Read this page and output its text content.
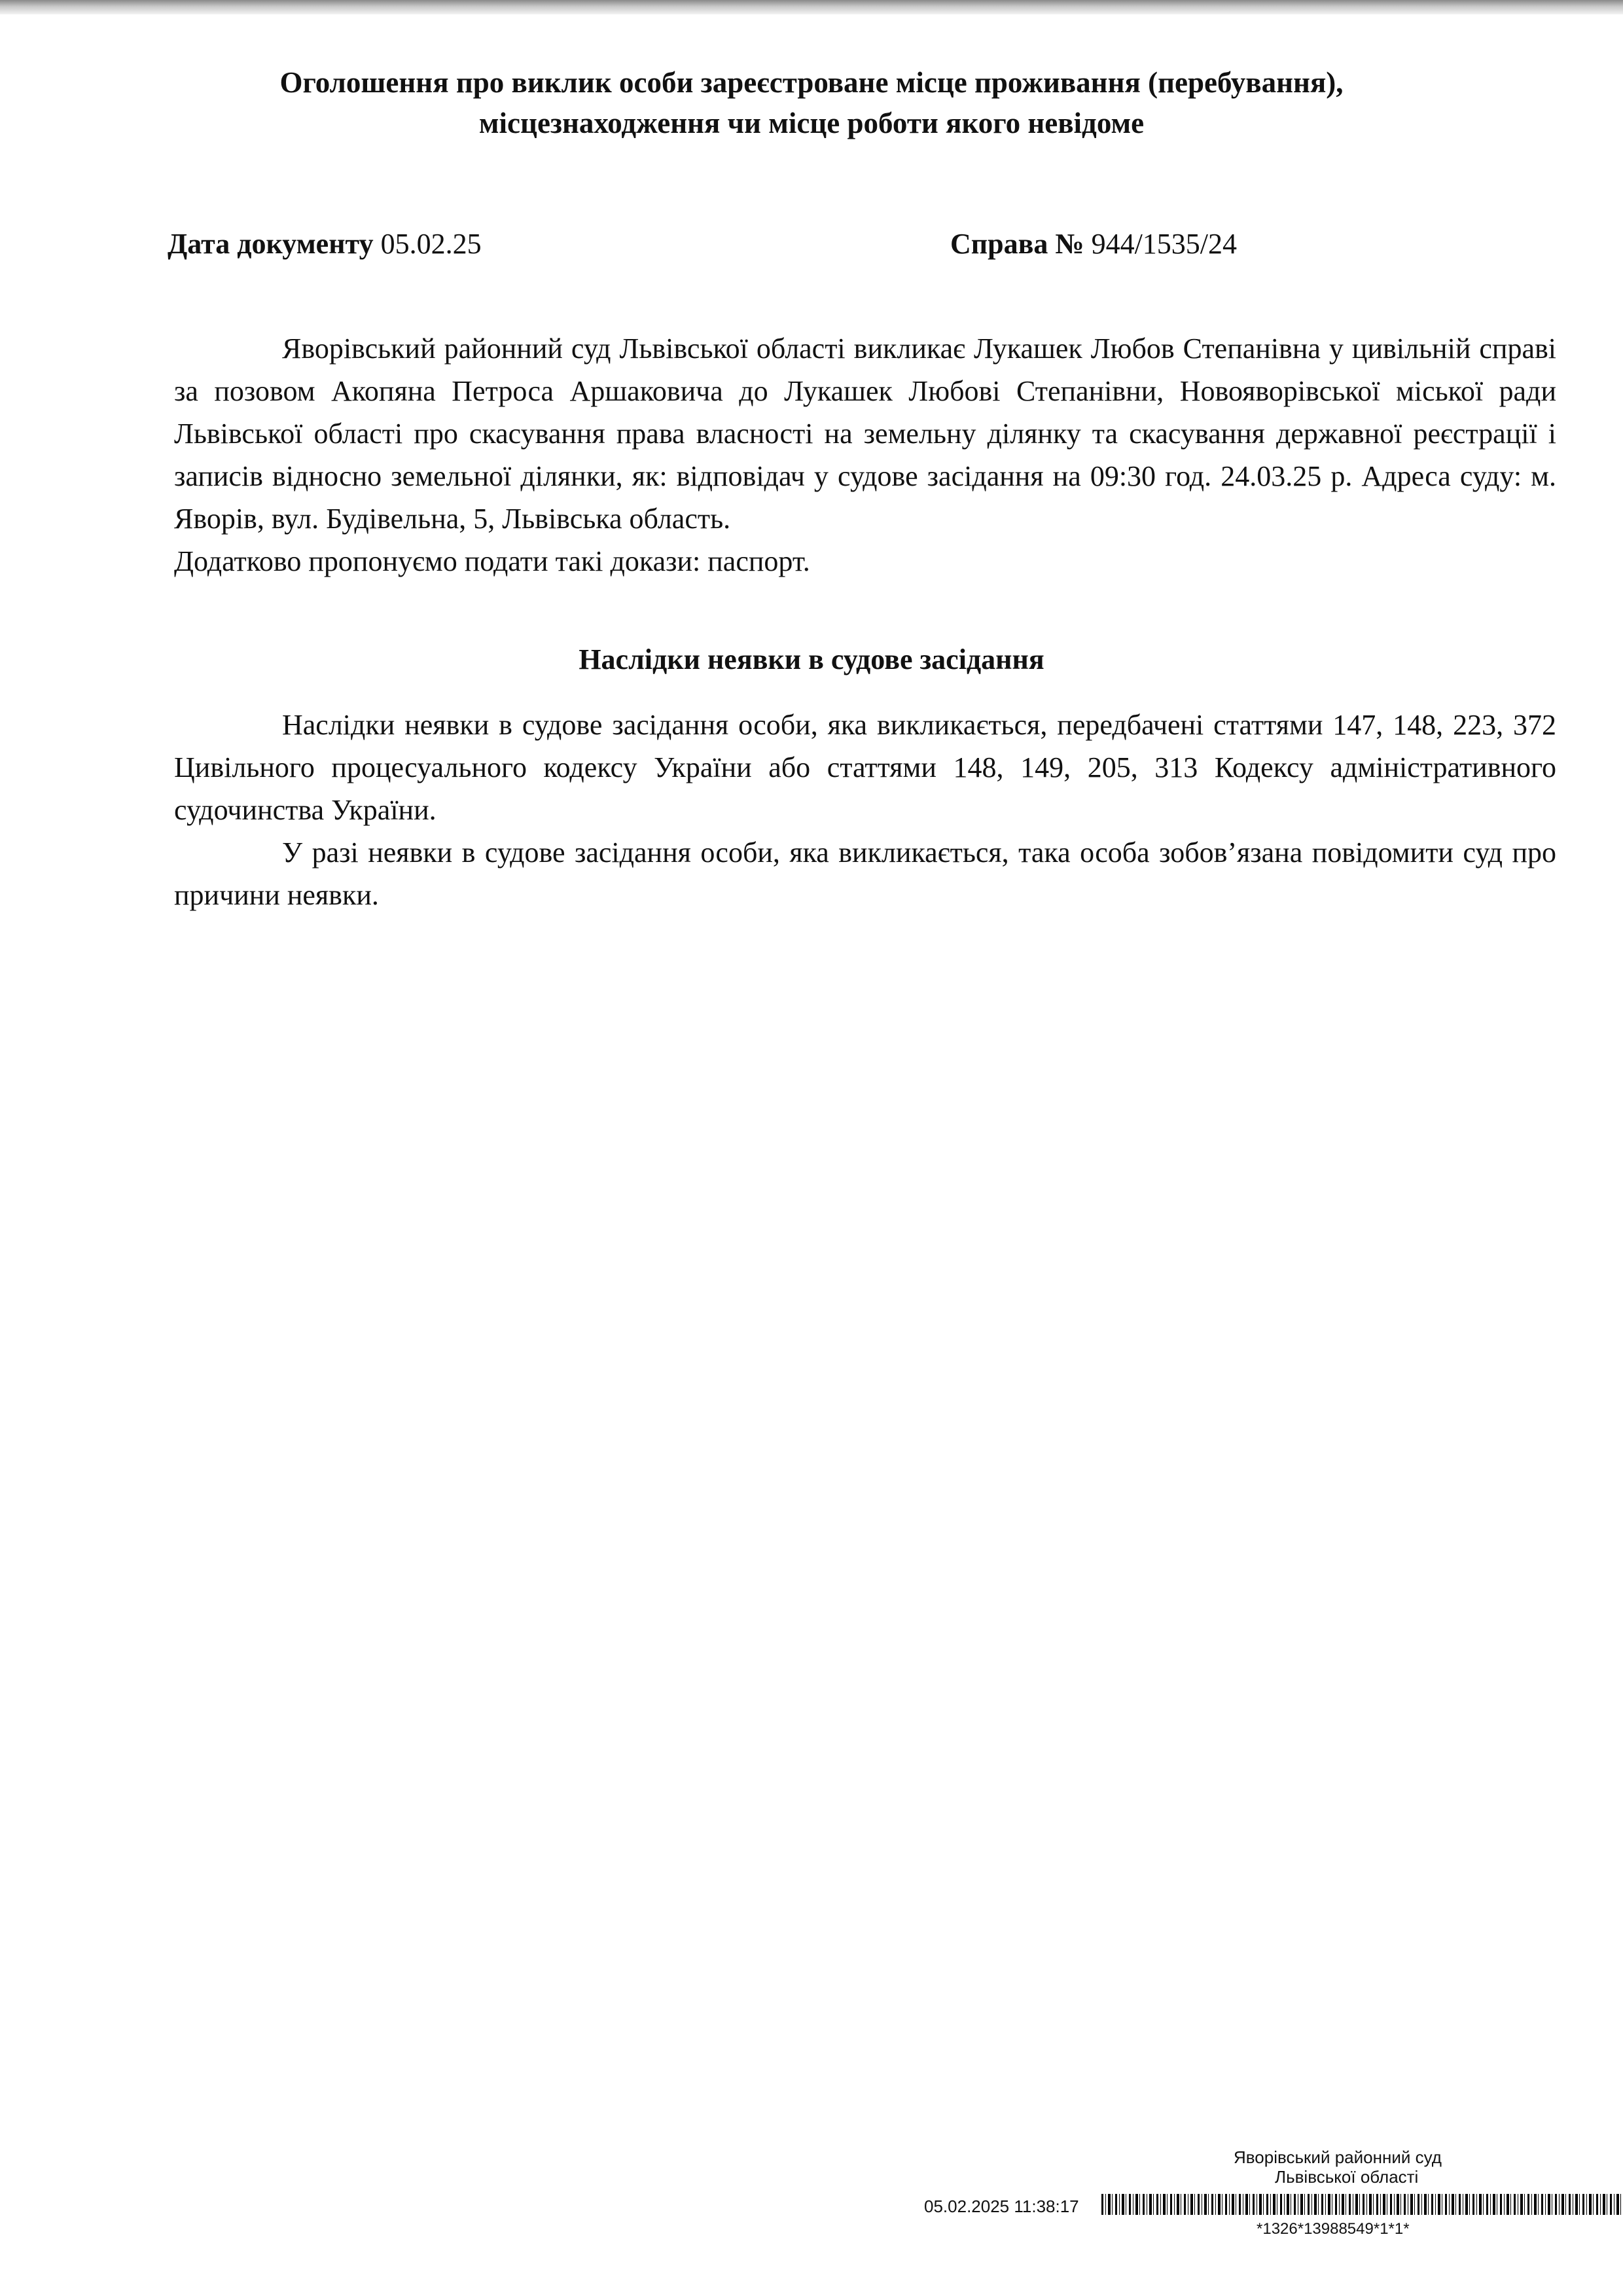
Оголошення про виклик особи зареєстроване місце проживання (перебування),
місцезнаходження чи місце роботи якого невідоме
Дата документу 05.02.25	Справа № 944/1535/24

Яворівський районний суд Львівської області викликає Лукашек Любов Степанівна у цивільній справі за позовом Акопяна Петроса Аршаковича до Лукашек Любові Степанівни, Новояворівської міської ради Львівської області про скасування права власності на земельну ділянку та скасування державної реєстрації і записів відносно земельної ділянки, як: відповідач у судове засідання на 09:30 год. 24.03.25 р. Адреса суду: м. Яворів, вул. Будівельна, 5, Львівська область.

Додатково пропонуємо подати такі докази: паспорт.

Наслідки неявки в судове засідання

Наслідки неявки в судове засідання особи, яка викликається, передбачені статтями 147, 148, 223, 372 Цивільного процесуального кодексу України або статтями 148, 149, 205, 313 Кодексу адміністративного судочинства України.

У разі неявки в судове засідання особи, яка викликається, така особа зобов’язана повідомити суд про причини неявки.

Яворівський районний суд
Львівської області
05.02.2025 11:38:17
*1326*13988549*1*1*
